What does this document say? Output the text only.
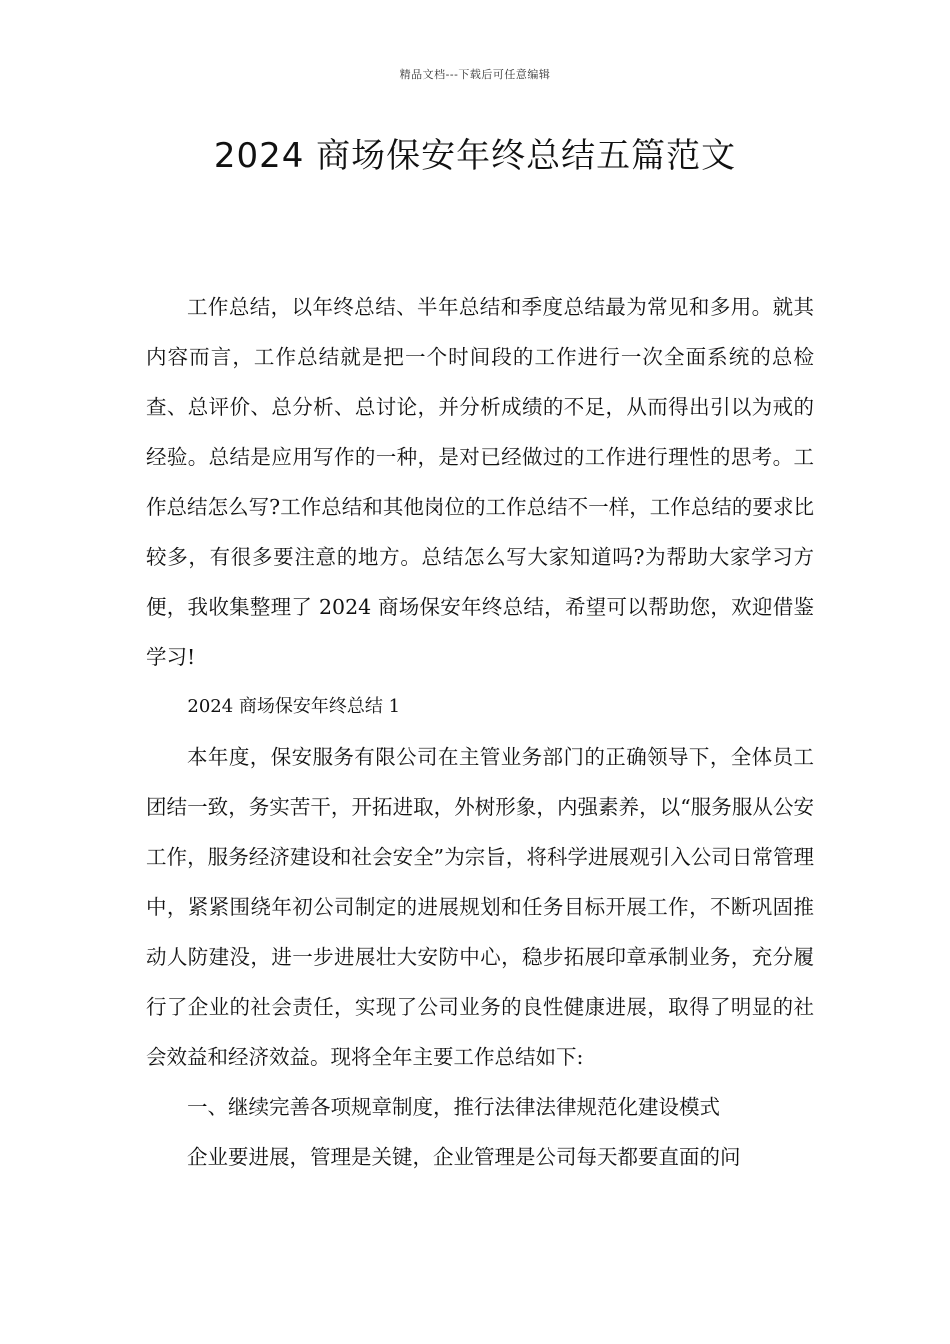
精品文档---下载后可任意编辑
2024 商场保安年终总结五篇范文

工作总结，以年终总结、半年总结和季度总结最为常见和多用。就其内容而言，工作总结就是把一个时间段的工作进行一次全面系统的总检查、总评价、总分析、总讨论，并分析成绩的不足，从而得出引以为戒的经验。总结是应用写作的一种，是对已经做过的工作进行理性的思考。工作总结怎么写?工作总结和其他岗位的工作总结不一样，工作总结的要求比较多，有很多要注意的地方。总结怎么写大家知道吗?为帮助大家学习方便，我收集整理了 2024 商场保安年终总结，希望可以帮助您，欢迎借鉴学习!

2024 商场保安年终总结 1

本年度，保安服务有限公司在主管业务部门的正确领导下，全体员工团结一致，务实苦干，开拓进取，外树形象，内强素养，以“服务服从公安工作，服务经济建设和社会安全”为宗旨，将科学进展观引入公司日常管理中，紧紧围绕年初公司制定的进展规划和任务目标开展工作，不断巩固推动人防建没，进一步进展壮大安防中心，稳步拓展印章承制业务，充分履行了企业的社会责任，实现了公司业务的良性健康进展，取得了明显的社会效益和经济效益。现将全年主要工作总结如下:

一、继续完善各项规章制度，推行法律法律规范化建设模式

企业要进展，管理是关键，企业管理是公司每天都要直面的问
